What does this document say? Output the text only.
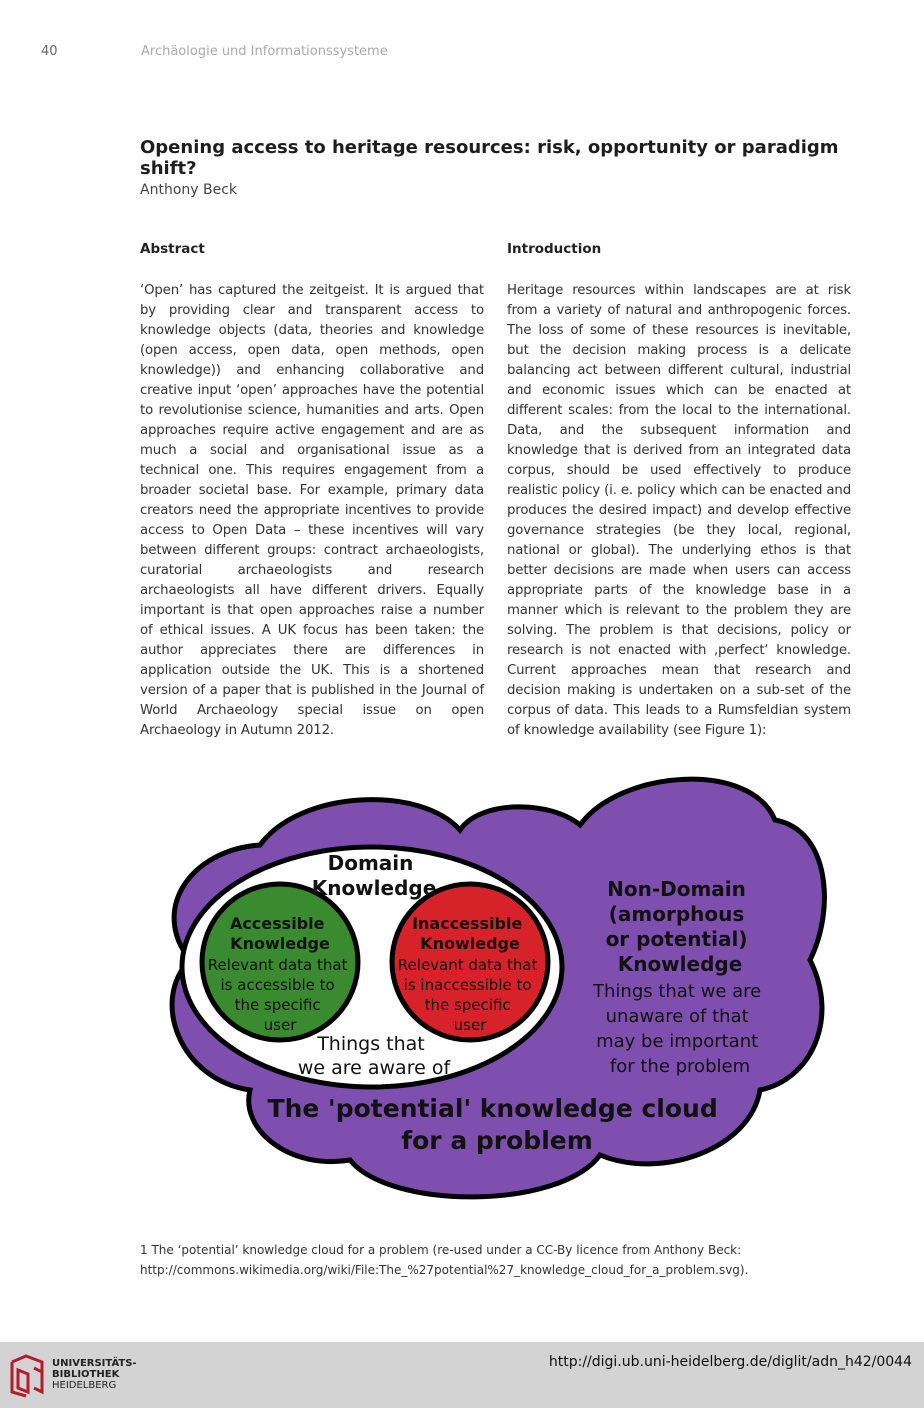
40	Archäologie und Informationssysteme
Opening access to heritage resources: risk, opportunity or paradigm shift?
Anthony Beck
Abstract

‘Open’ has captured the zeitgeist. It is argued that by providing clear and transparent access to knowledge objects (data, theories and knowledge (open access, open data, open methods, open knowledge)) and enhancing collaborative and creative input ‘open’ approaches have the potential to revolutionise science, humanities and arts. Open approaches require active engagement and are as much a social and organisational issue as a technical one. This requires engagement from a broader societal base. For example, primary data creators need the appropriate incentives to provide access to Open Data – these incentives will vary between different groups: contract archaeologists, curatorial archaeologists and research archaeologists all have different drivers. Equally important is that open approaches raise a number of ethical issues. A UK focus has been taken: the author appreciates there are differences in application outside the UK. This is a shortened version of a paper that is published in the Journal of World Archaeology special issue on open Archaeology in Autumn 2012.

Introduction

Heritage resources within landscapes are at risk from a variety of natural and anthropogenic forces. The loss of some of these resources is inevitable, but the decision making process is a delicate balancing act between different cultural, industrial and economic issues which can be enacted at different scales: from the local to the international. Data, and the subsequent information and knowledge that is derived from an integrated data corpus, should be used effectively to produce realistic policy (i. e. policy which can be enacted and produces the desired impact) and develop effective governance strategies (be they local, regional, national or global). The underlying ethos is that better decisions are made when users can access appropriate parts of the knowledge base in a manner which is relevant to the problem they are solving. The problem is that decisions, policy or research is not enacted with ‚perfect‘ knowledge. Current approaches mean that research and decision making is undertaken on a sub-set of the corpus of data. This leads to a Rumsfeldian system of knowledge availability (see Figure 1):

Domain Knowledge
Accessible Knowledge
Relevant data that is accessible to the specific user
Inaccessible Knowledge
Relevant data that is inaccessible to the specific user
Things that we are aware of
Non-Domain (amorphous or potential) Knowledge
Things that we are unaware of that may be important for the problem
The 'potential' knowledge cloud for a problem
1 The ‘potential’ knowledge cloud for a problem (re-used under a CC-By licence from Anthony Beck:
http://commons.wikimedia.org/wiki/File:The_%27potential%27_knowledge_cloud_for_a_problem.svg).
UNIVERSITÄTS-
BIBLIOTHEK
HEIDELBERG
http://digi.ub.uni-heidelberg.de/diglit/adn_h42/0044
